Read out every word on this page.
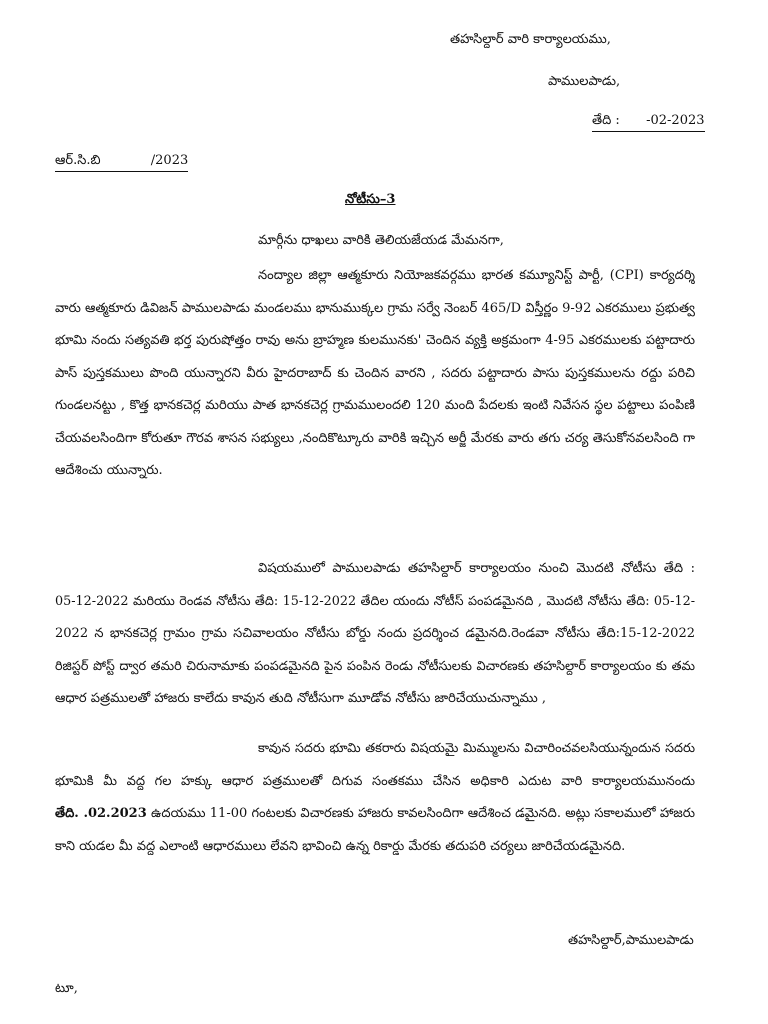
తహసిల్దార్ వారి కార్యాలయము,
పాములపాడు,
తేది : -02-2023
ఆర్.సి.బి	/2023
నోటీసు–3
మార్గీను ధాఖలు వారికి తెలియజేయడ మేమనగా,
నంద్యాల జిల్లా ఆత్మకూరు నియోజకవర్గము భారత కమ్యూనిస్ట్ పార్టీ, (CPI) కార్యదర్శి
వారు ఆత్మకూరు డివిజన్ పాములపాడు మండలము భానుముక్కల గ్రామ సర్వే నెంబర్ 465/D విస్తీర్ణం 9-92 ఎకరములు ప్రభుత్వ
భూమి నందు సత్యవతి భర్త పురుషోత్తం రావు అను బ్రాహ్మణ కులమునకు' చెందిన వ్యక్తి అక్రమంగా 4-95 ఎకరములకు పట్టాదారు
పాస్ పుస్తకములు పొంది యున్నారని వీరు హైదరాబాద్ కు చెందిన వారని , సదరు పట్టాదారు పాసు పుస్తకములను రద్దు పరిచి
గుండలనట్టు , కొత్త భానకచెర్ల మరియు పాత భానకచెర్ల గ్రామములందలి 120 మంది పేదలకు ఇంటి నివేసన స్థల పట్టాలు పంపిణి
చేయవలసిందిగా కోరుతూ గౌరవ శాసన సభ్యులు ,నందికొట్కూరు వారికి ఇచ్చిన అర్జీ మేరకు వారు తగు చర్య తెసుకోనవలసింది గా
ఆదేశించు యున్నారు.
విషయములో పాములపాడు తహసిల్దార్ కార్యాలయం నుంచి మొదటి నోటీసు తేది :
05-12-2022 మరియు రెండవ నోటీసు తేది: 15-12-2022 తేదిల యందు నోటీస్ పంపడమైనది , మొదటి నోటీసు తేది: 05-12-
2022 న భానకచెర్ల గ్రామం గ్రామ సచివాలయం నోటీసు బోర్డు నందు ప్రదర్శించ డమైనది.రెండవా నోటీసు తేది:15-12-2022
రిజిస్టర్ పోస్ట్ ద్వార తమరి చిరునామాకు పంపడమైనది పైన పంపిన రెండు నోటీసులకు విచారణకు తహసిల్దార్ కార్యాలయం కు తమ
ఆధార పత్రములతో హాజరు కాలేదు కావున తుది నోటీసుగా మూడోవ నోటీసు జారిచేయుచున్నాము ,
కావున సదరు భూమి తకరారు విషయమై మిమ్ములను విచారించవలసియున్నందున సదరు
భూమికి మీ వద్ద గల హక్కు ఆధార పత్రములతో దిగువ సంతకము చేసిన అధికారి ఎదుట వారి కార్యాలయమునందు
తేది. .02.2023 ఉదయము 11-00 గంటలకు విచారణకు హాజరు కావలసిందిగా ఆదేశించ డమైనది. అట్లు సకాలములో హాజరు
కాని యడల మీ వద్ద ఎలాంటి ఆధారములు లేవని భావించి ఉన్న రికార్డు మేరకు తదుపరి చర్యలు జారిచేయడమైనది.
తహసిల్దార్,పాములపాడు
టూ,
